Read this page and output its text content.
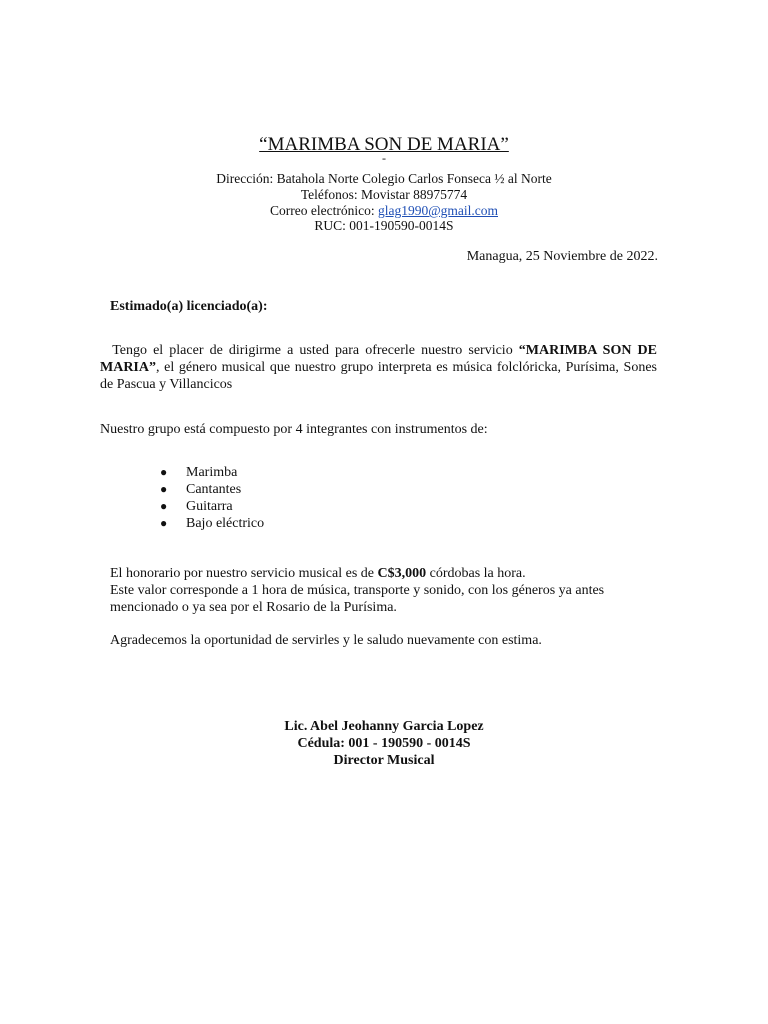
“MARIMBA SON DE MARIA”
-
Dirección: Batahola Norte Colegio Carlos Fonseca ½ al Norte
Teléfonos: Movistar 88975774
Correo electrónico: glag1990@gmail.com
RUC: 001-190590-0014S
Managua, 25 Noviembre de 2022.
Estimado(a) licenciado(a):
Tengo el placer de dirigirme a usted para ofrecerle nuestro servicio “MARIMBA SON DE MARIA”, el género musical que nuestro grupo interpreta es música folclóricka, Purísima, Sones de Pascua y Villancicos
Nuestro grupo está compuesto por 4 integrantes con instrumentos de:
● Marimba
● Cantantes
● Guitarra
● Bajo eléctrico

El honorario por nuestro servicio musical es de C$3,000 córdobas la hora.

Este valor corresponde a 1 hora de música, transporte y sonido, con los géneros ya antes mencionado o ya sea por el Rosario de la Purísima.

Agradecemos la oportunidad de servirles y le saludo nuevamente con estima.
Lic. Abel Jeohanny Garcia Lopez
Cédula: 001 - 190590 - 0014S
Director Musical
